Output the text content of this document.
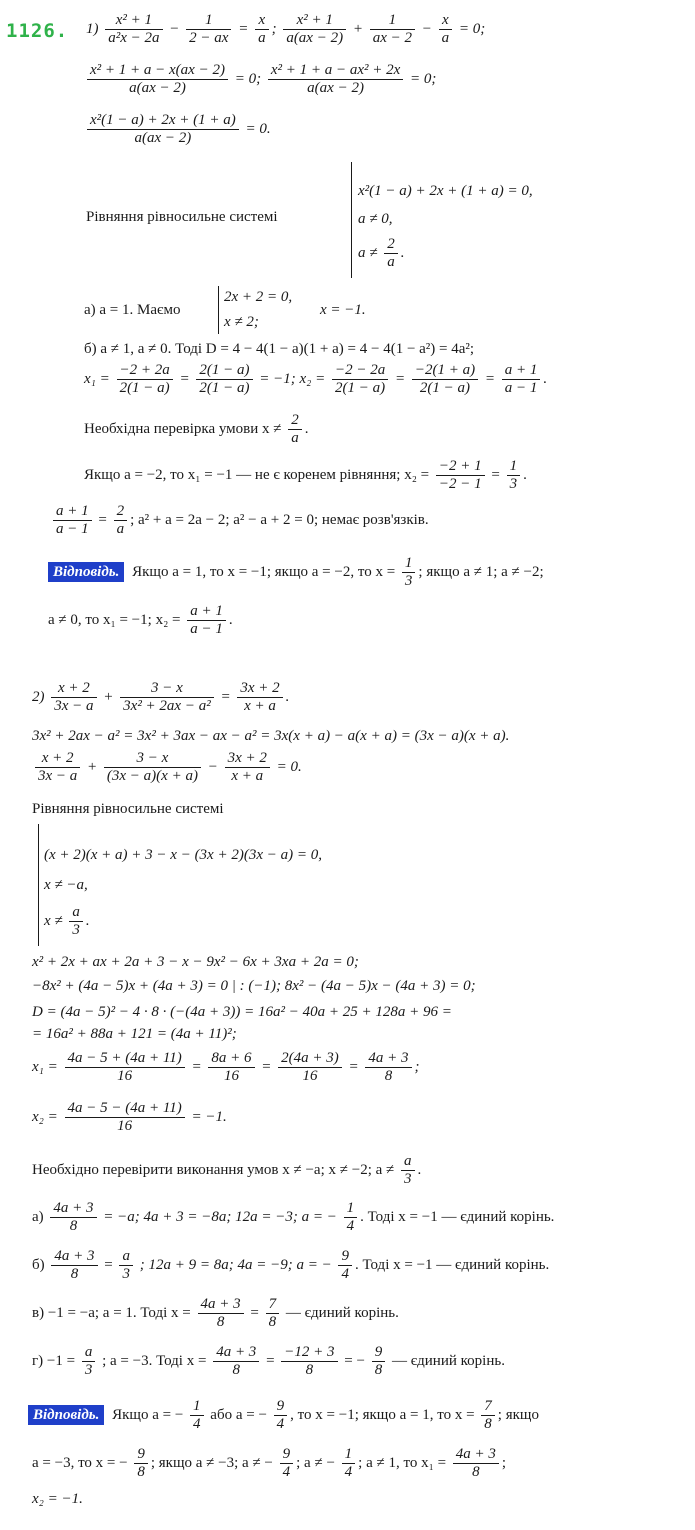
1126. $1) \frac{\text{x² + 1}}{\text{a²x − 2a}} - \frac{1}{2 - ax} = \frac{x}{a}$ ; $\frac{\text{x² + 1}}{a(ax - 2)} + \frac{1}{ax - 2} - \frac{x}{a} = 0$;
$\frac{\text{x² + 1 + a − x(ax − 2)}}{a(ax - 2)} = 0$; $\frac{\text{x² + 1 + a − ax² + 2x}}{a(ax - 2)} = 0$;
$\frac{\text{x²(1 − a) + 2x + (1 + a)}}{a(ax - 2)} = 0$.
Рівняння рівносильне системі
x²(1 − a) + 2x + (1 + a) = 0,
a ≠ 0,
$a \ne \frac{2}{a}$ .
а) a = 1. Маємо
2x + 2 = 0,
x ≠ 2;
x = −1.
б) a ≠ 1, a ≠ 0. Тоді D = 4 − 4(1 − a)(1 + a) = 4 − 4(1 − a²) = 4a²;
$x_1 = \frac{-2 + 2a}{2(1 - a)} = \frac{2(1 - a)}{2(1 - a)} = -1$; $x_2 = \frac{-2 - 2a}{2(1 - a)} = \frac{-2(1 + a)}{2(1 - a)} = \frac{a + 1}{a - 1}$ .
Необхідна перевірка умови $x \ne \frac{2}{a}$ .
Якщо a = −2, то x₁ = −1 — не є коренем рівняння; $x_2 = \frac{-2 + 1}{-2 - 1} = \frac{1}{3}$ .
$\frac{a + 1}{a - 1} = \frac{2}{a}$ ; a² + a = 2a − 2; a² − a + 2 = 0; немає розв'язків.
Відповідь. Якщо a = 1, то x = −1; якщо a = −2, то $x = \frac{1}{3}$ ; якщо a ≠ 1; a ≠ −2;
a ≠ 0, то x₁ = −1; $x_2 = \frac{a + 1}{a - 1}$ .
$2) \frac{x + 2}{3x - a} + \frac{3 - x}{\text{3x² + 2ax − a²}} = \frac{3x + 2}{x + a}$ .
3x² + 2ax − a² = 3x² + 3ax − ax − a² = 3x(x + a) − a(x + a) = (3x − a)(x + a).
$\frac{x + 2}{3x - a} + \frac{3 - x}{(3x - a)(x + a)} - \frac{3x + 2}{x + a} = 0$.
Рівняння рівносильне системі
(x + 2)(x + a) + 3 − x − (3x + 2)(3x − a) = 0,
x ≠ −a,
$x \ne \frac{a}{3}$ .
x² + 2x + ax + 2a + 3 − x − 9x² − 6x + 3xa + 2a = 0;
−8x² + (4a − 5)x + (4a + 3) = 0 | : (−1); 8x² − (4a − 5)x − (4a + 3) = 0;
D = (4a − 5)² − 4 · 8 · (−(4a + 3)) = 16a² − 40a + 25 + 128a + 96 =
= 16a² + 88a + 121 = (4a + 11)²;
$x_1 = \frac{4a - 5 + (4a + 11)}{16} = \frac{8a + 6}{16} = \frac{2(4a + 3)}{16} = \frac{4a + 3}{8}$ ;
$x_2 = \frac{4a - 5 - (4a + 11)}{16} = -1$.
Необхідно перевірити виконання умов x ≠ −a; x ≠ −2; $a \ne \frac{a}{3}$ .
$а) \frac{4a + 3}{8} = -a$; 4a + 3 = −8a; 12a = −3; a = − $\frac{1}{4}$ . Тоді x = −1 — єдиний корінь.
$б) \frac{4a + 3}{8} = \frac{a}{3}$ ; 12a + 9 = 8a; 4a = −9; a = − $\frac{9}{4}$ . Тоді x = −1 — єдиний корінь.
в) −1 = −a; a = 1. Тоді $x = \frac{4a + 3}{8} = \frac{7}{8}$ — єдиний корінь.
$г) -1 = \frac{a}{3}$ ; a = −3. Тоді $x = \frac{4a + 3}{8} = \frac{-12 + 3}{8}$ = − $\frac{9}{8}$ — єдиний корінь.
Відповідь. Якщо a = − $\frac{1}{4}$ або a = − $\frac{9}{4}$ , то x = −1; якщо a = 1, то $x = \frac{7}{8}$ ; якщо
a = −3, то x = − $\frac{9}{8}$ ; якщо a ≠ −3; a ≠ − $\frac{9}{4}$ ; a ≠ − $\frac{1}{4}$ ; a ≠ 1, то $x_1 = \frac{4a + 3}{8}$ ;
x₂ = −1.
